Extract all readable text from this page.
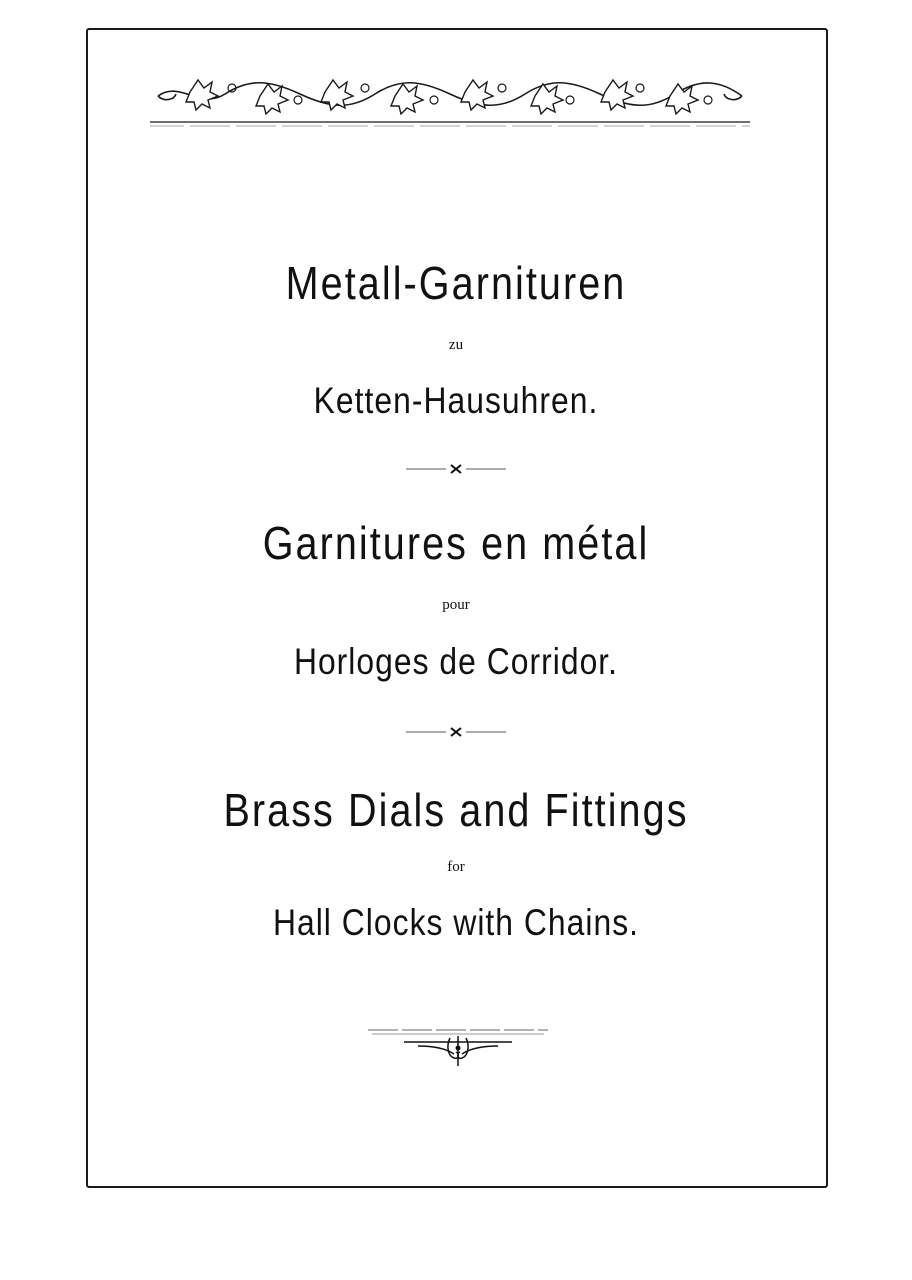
Metall-Garnituren
zu
Ketten-Hausuhren.
Garnitures en métal
pour
Horloges de Corridor.
Brass Dials and Fittings
for
Hall Clocks with Chains.
